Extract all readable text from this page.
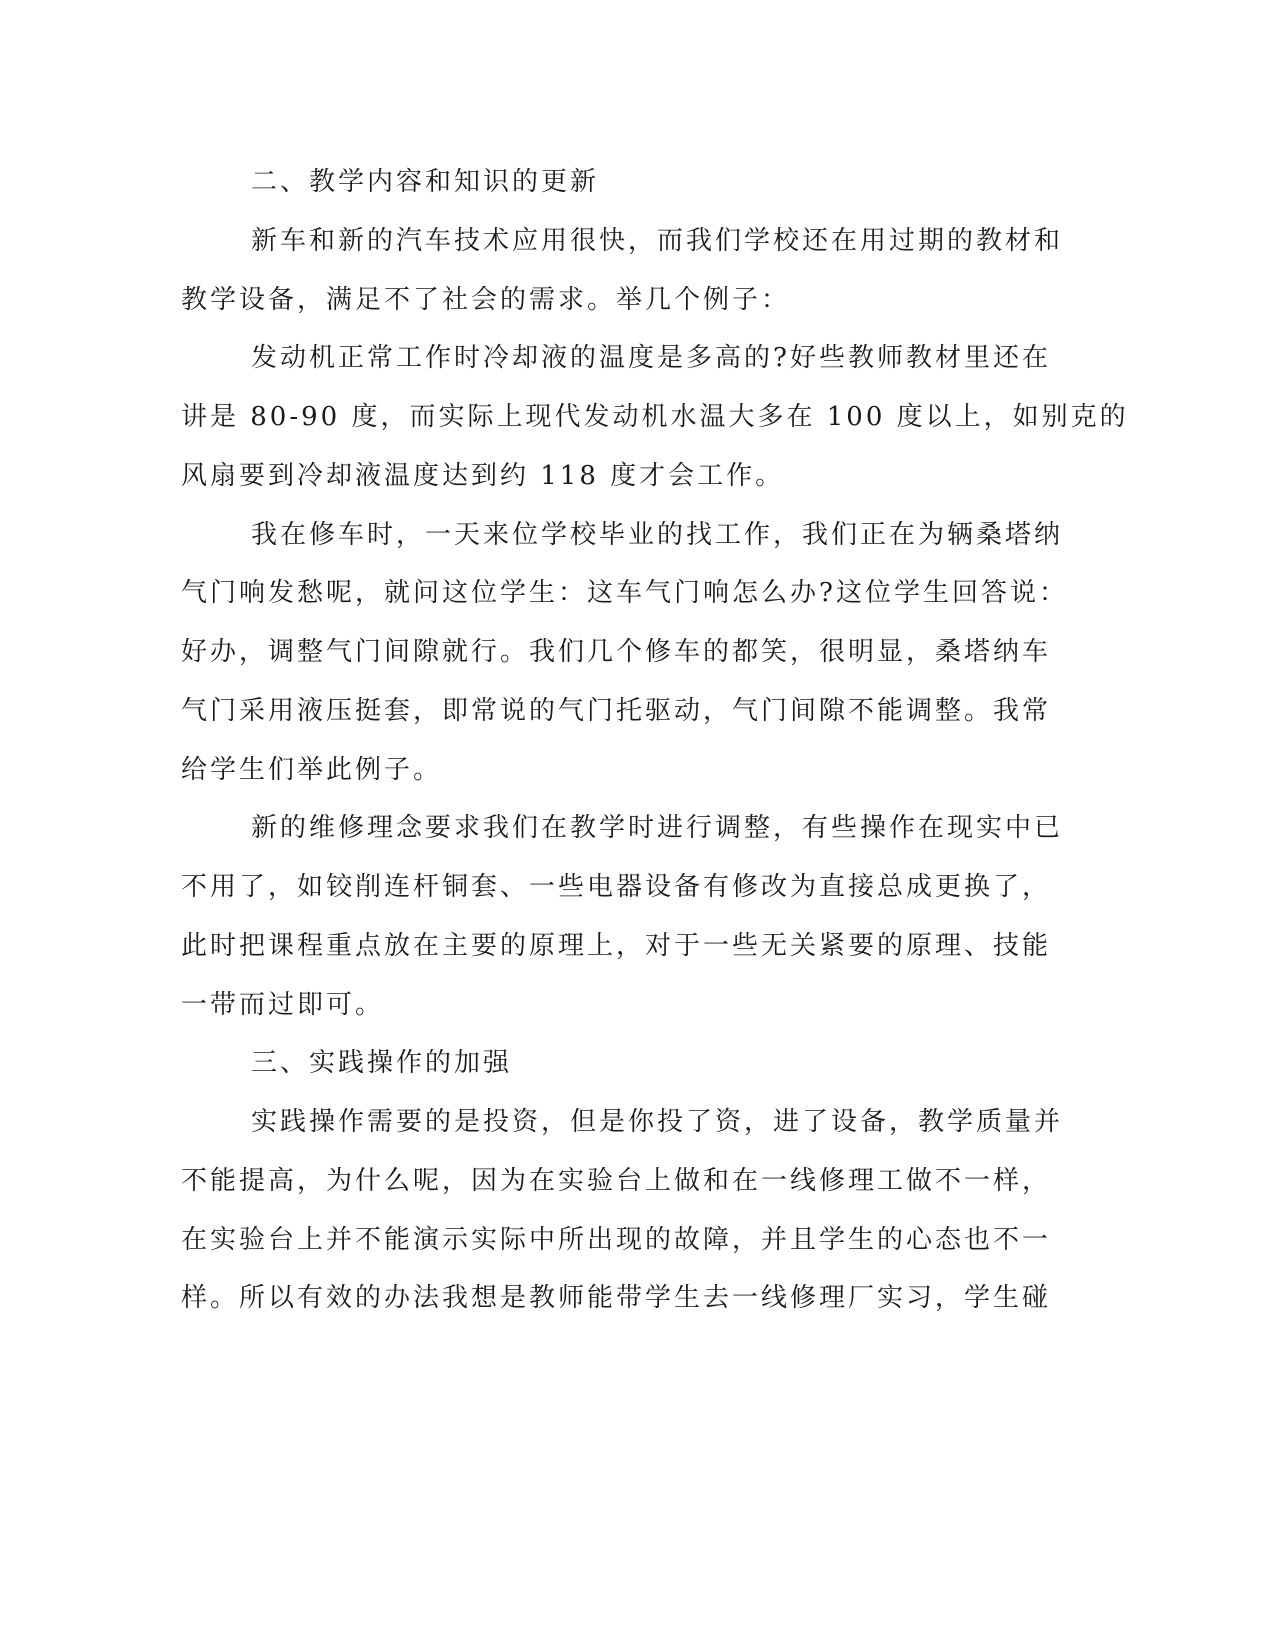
二、教学内容和知识的更新
新车和新的汽车技术应用很快，而我们学校还在用过期的教材和
教学设备，满足不了社会的需求。举几个例子：
发动机正常工作时冷却液的温度是多高的?好些教师教材里还在
讲是 80-90 度，而实际上现代发动机水温大多在 100 度以上，如别克的
风扇要到冷却液温度达到约 118 度才会工作。
我在修车时，一天来位学校毕业的找工作，我们正在为辆桑塔纳
气门响发愁呢，就问这位学生：这车气门响怎么办?这位学生回答说：
好办，调整气门间隙就行。我们几个修车的都笑，很明显，桑塔纳车
气门采用液压挺套，即常说的气门托驱动，气门间隙不能调整。我常
给学生们举此例子。
新的维修理念要求我们在教学时进行调整，有些操作在现实中已
不用了，如铰削连杆铜套、一些电器设备有修改为直接总成更换了，
此时把课程重点放在主要的原理上，对于一些无关紧要的原理、技能
一带而过即可。
三、实践操作的加强
实践操作需要的是投资，但是你投了资，进了设备，教学质量并
不能提高，为什么呢，因为在实验台上做和在一线修理工做不一样，
在实验台上并不能演示实际中所出现的故障，并且学生的心态也不一
样。所以有效的办法我想是教师能带学生去一线修理厂实习，学生碰
